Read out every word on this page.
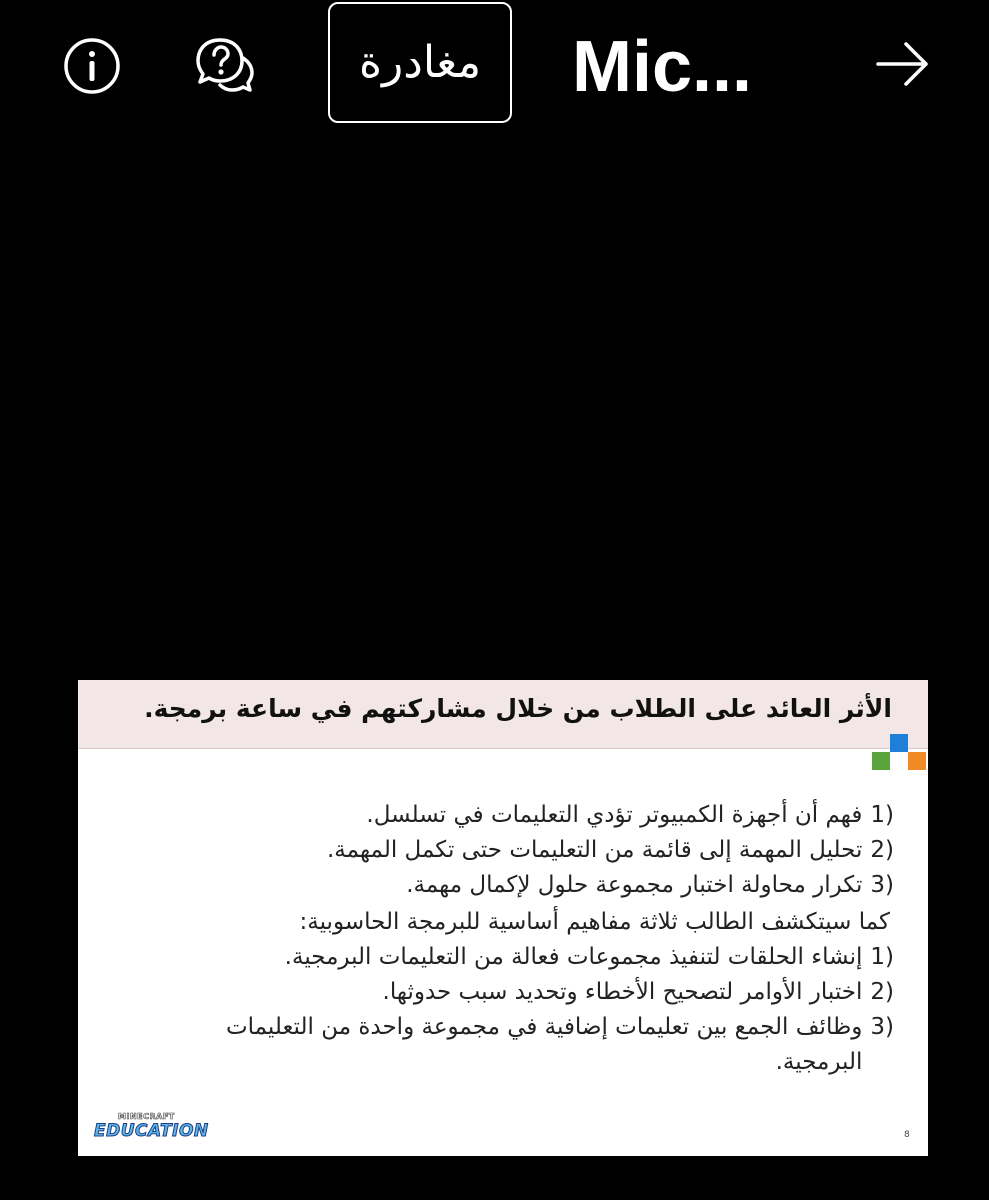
مغادرة Mic...
الأثر العائد على الطلاب من خلال مشاركتهم في ساعة برمجة.
1)
فهم أن أجهزة الكمبيوتر تؤدي التعليمات في تسلسل.
2)
تحليل المهمة إلى قائمة من التعليمات حتى تكمل المهمة.
3)
تكرار محاولة اختبار مجموعة حلول لإكمال مهمة.
كما سيتكشف الطالب ثلاثة مفاهيم أساسية للبرمجة الحاسوبية:
1)
إنشاء الحلقات لتنفيذ مجموعات فعالة من التعليمات البرمجية.
2)
اختبار الأوامر لتصحيح الأخطاء وتحديد سبب حدوثها.
3)
وظائف الجمع بين تعليمات إضافية في مجموعة واحدة من التعليمات البرمجية.
MINECRAFT
EDUCATION	8
